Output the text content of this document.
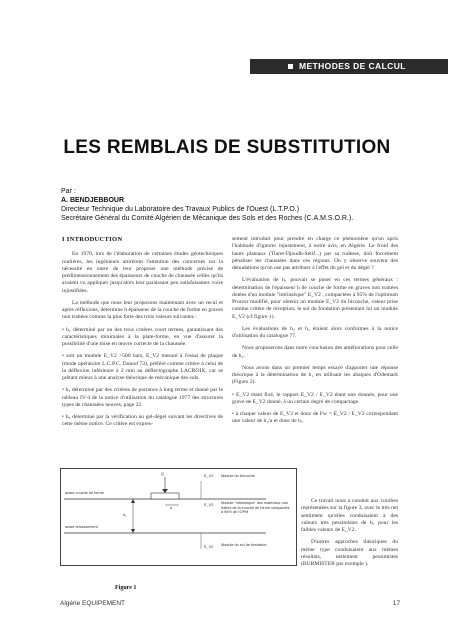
METHODES DE CALCUL
LES REMBLAIS DE SUBSTITUTION
Par :
A. BENDJEBBOUR
Directeur Technique du Laboratoire des Travaux Publics de l'Ouest (L.T.P.O.)
Secrétaire Général du Comité Algérien de Mécanique des Sols et des Roches (C.A.M.S.O.R.).
I INTRODUCTION

En 1970, lors de l'élaboration de certaines études géotechniques routières, les ingénieurs attirèrent l'attention des concernés sur la nécessité en outre de leur proposer une méthode précise de prédimensionnement des épaisseurs de couche de chaussée celles qu'ils avaient vu appliquer jusqu'alors leur paraissant peu satisfaisantes voire injustifiées.

La méthode que nous leur proposons maintenant avec un recul et après réflexions, détermine h épaisseur de la couche de forme en graves non traitées comme la plus forte des trois valeurs suivantes :

• h₁ déterminé par un des trois critères court termes, garantissant des caractéristiques minimales à la plate-forme, en vue d'assurer la possibilité d'une mise en œuvre correcte de la chaussée.

• soit un module E_V2 >500 bars, E_V2 mesuré à l'essai de plaque (mode opératoire L.C.P.C. Dunod 73), préféré comme critère à celui de la déflexion inférieure à 2 mm au déflectographe LACROIX, car se prêtant mieux à une analyse théorique de mécanique des sols.

• h₂ déterminé par des critères de portance à long terme et donné par le tableau IV-4 de la notice d'utilisation du catalogue 1977 des structures types de chaussées neuves, page 22.

• h₃ déterminé par la vérification au gel-dégel suivant les directives de cette même notice. Ce critère est expres-

sement introduit pour prendre en charge ce phénomène qu'on aprís l'habitude d'ignorer injustement, à notre avis, en Algérie. Le froid des hauts plateaux (Tiaret-Djoudh-Sétif...) par sa rudesse, doit forcément pénaliser les chaussées dans ces régions. On y observe souvent des dénudations qu'on ose pas attribuer à l'effet du gel et du dégel ?

L'évaluation de h₁ pouvait se poser en ces termes généraux : détermination de l'épaisseur h de couche de forme en graves non traitées dotées d'un module "intrinsèque" E_V2 , compactées à 95% de l'optimum Proctor modifié, pour obtenir un module E_V2 du bicouche, valeur prise comme critère de réception, le sol de fondation présentant lui un module E_V2 (cf figure 1).

Les évaluations de h₂ et h₃ étaient alors conformes à la notice d'utilisation du catalogue 77.

Nous proposerons dans notre conclusion des améliorations pour celle de h₂.

Nous avons dans un premier temps essayé d'apporter une réponse théorique à la détermination de h₁ en utilisant les abaques d'Odemark (Figure 2).

• E_V2 étant fixé, le rapport E_V2 / E_V2 étant une donnée, pour une grave de E_V2 donné, à un certain degré de compactage.

• à chaque valeur de E_V2 et donc de Fw = E_V2 / E_V2 correspondant une valeur de h₁/a et donc de h₁.

Ce travail nous a conduit aux courbes représentées sur la figure 3, avec le très net sentiment qu'elles conduisaient à des valeurs très pessimistes de h₁ pour les faibles valeurs de E_V2.

D'autres approches théoriques du même type conduisaient aux mêmes résultats, nettement pessimistes (BURMISTER par exemple ).

arase couche de forme
arase terrassement
h₁
Q
a
E_V2 Module du bicouche
E_V2 Module "intrinsèque" des matériaux non traités de la couche de forme compactés à 95% de l'OPM
E_V2 Module du sol de fondation
Figure 1
Algérie EQUIPEMENT	17
